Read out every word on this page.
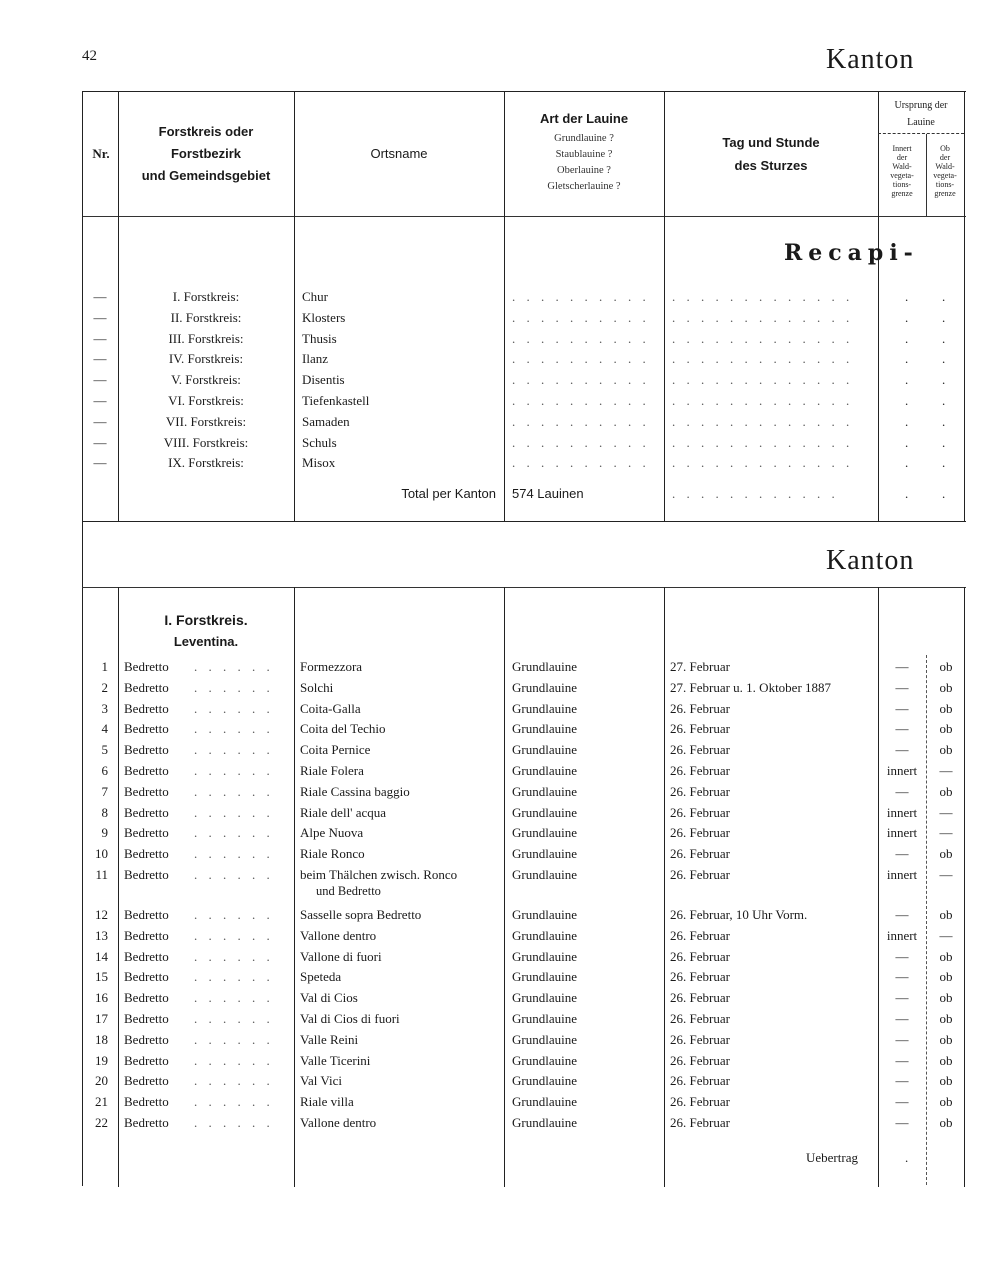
42	Kanton
Nr.
Forstkreis oder
Forstbezirk
und Gemeindsgebiet
Ortsname
Art der Lauine
Grundlauine ?
Staublauine ?
Oberlauine ?
Gletscherlauine ?
Tag und Stunde
des Sturzes
Ursprung der
Lauine
Innert
der
Wald-
vegeta-
tions-
grenze
Ob
der
Wald-
vegeta-
tions-
grenze
Recapi-
—	I. Forstkreis:	Chur	. . . . . . . . . .	. . . . . . . . . . . . .	.	.
—	II. Forstkreis:	Klosters	. . . . . . . . . .	. . . . . . . . . . . . .	.	.
—	III. Forstkreis:	Thusis	. . . . . . . . . .	. . . . . . . . . . . . .	.	.
—	IV. Forstkreis:	Ilanz	. . . . . . . . . .	. . . . . . . . . . . . .	.	.
—	V. Forstkreis:	Disentis	. . . . . . . . . .	. . . . . . . . . . . . .	.	.
—	VI. Forstkreis:	Tiefenkastell	. . . . . . . . . .	. . . . . . . . . . . . .	.	.
—	VII. Forstkreis:	Samaden	. . . . . . . . . .	. . . . . . . . . . . . .	.	.
—	VIII. Forstkreis:	Schuls	. . . . . . . . . .	. . . . . . . . . . . . .	.	.
—	IX. Forstkreis:	Misox	. . . . . . . . . .	. . . . . . . . . . . . .	.	.
Total per Kanton 574 Lauinen	. . . . . . . . . . . .	.	.
Kanton
I. Forstkreis.
Leventina.
1 Bedretto . . . . . .	Formezzora	Grundlauine	27. Februar	—	ob
2 Bedretto . . . . . .	Solchi	Grundlauine	27. Februar u. 1. Oktober 1887	—	ob
3 Bedretto . . . . . .	Coita-Galla	Grundlauine	26. Februar	—	ob
4 Bedretto . . . . . .	Coita del Techio	Grundlauine	26. Februar	—	ob
5 Bedretto . . . . . .	Coita Pernice	Grundlauine	26. Februar	—	ob
6 Bedretto . . . . . .	Riale Folera	Grundlauine	26. Februar	innert	—
7 Bedretto . . . . . .	Riale Cassina baggio	Grundlauine	26. Februar	—	ob
8 Bedretto . . . . . .	Riale dell' acqua	Grundlauine	26. Februar	innert	—
9 Bedretto . . . . . .	Alpe Nuova	Grundlauine	26. Februar	innert	—
10 Bedretto . . . . . .	Riale Ronco	Grundlauine	26. Februar	—	ob
11 Bedretto . . . . . .	beim Thälchen zwisch. Ronco	Grundlauine	26. Februar	innert	—
und Bedretto
12 Bedretto . . . . . .	Sasselle sopra Bedretto	Grundlauine	26. Februar, 10 Uhr Vorm.	—	ob
13 Bedretto . . . . . .	Vallone dentro	Grundlauine	26. Februar	innert	—
14 Bedretto . . . . . .	Vallone di fuori	Grundlauine	26. Februar	—	ob
15 Bedretto . . . . . .	Speteda	Grundlauine	26. Februar	—	ob
16 Bedretto . . . . . .	Val di Cios	Grundlauine	26. Februar	—	ob
17 Bedretto . . . . . .	Val di Cios di fuori	Grundlauine	26. Februar	—	ob
18 Bedretto . . . . . .	Valle Reini	Grundlauine	26. Februar	—	ob
19 Bedretto . . . . . .	Valle Ticerini	Grundlauine	26. Februar	—	ob
20 Bedretto . . . . . .	Val Vici	Grundlauine	26. Februar	—	ob
21 Bedretto . . . . . .	Riale villa	Grundlauine	26. Februar	—	ob
22 Bedretto . . . . . .	Vallone dentro	Grundlauine	26. Februar	—	ob
Uebertrag	.
